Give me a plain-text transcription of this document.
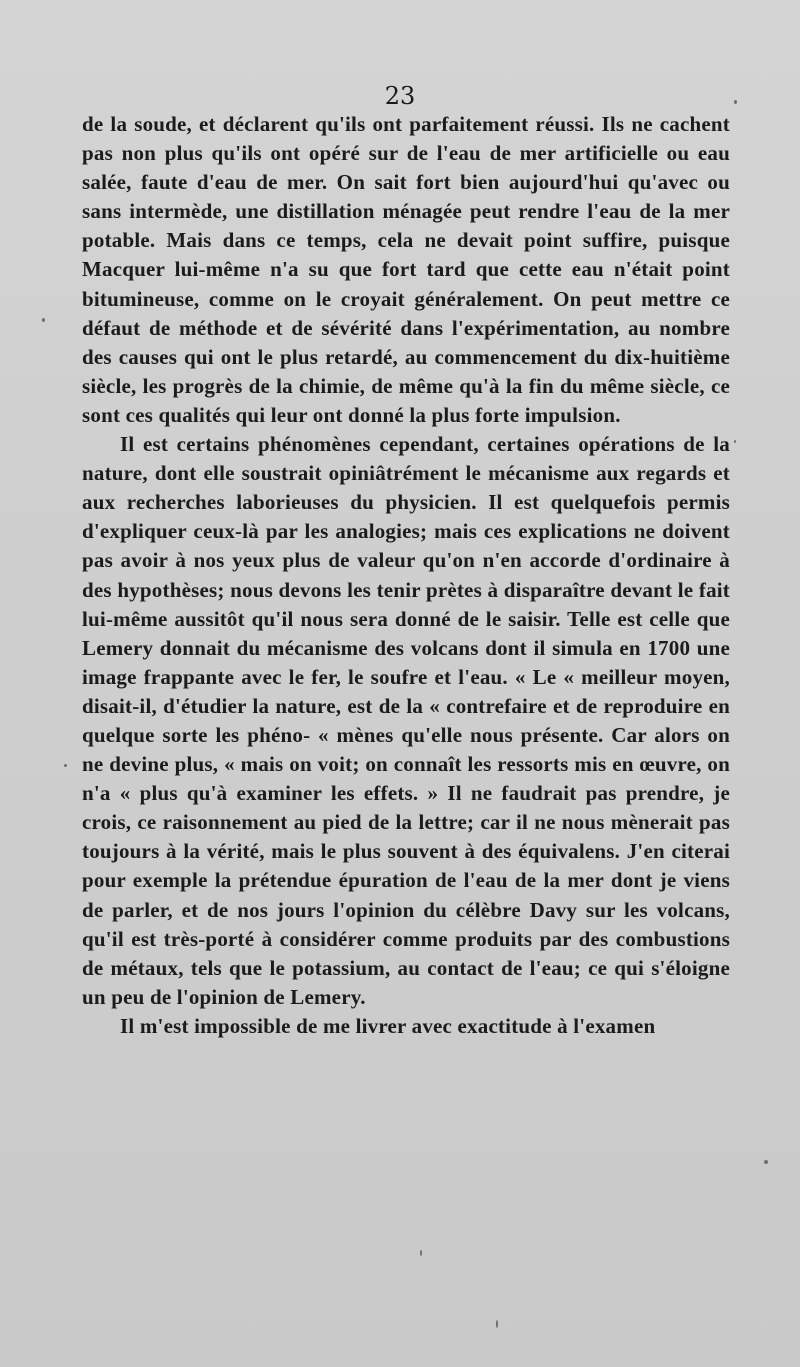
23

de la soude, et déclarent qu'ils ont parfaitement réussi. Ils ne cachent pas non plus qu'ils ont opéré sur de l'eau de mer artificielle ou eau salée, faute d'eau de mer. On sait fort bien aujourd'hui qu'avec ou sans intermède, une distillation ménagée peut rendre l'eau de la mer potable. Mais dans ce temps, cela ne devait point suffire, puisque Macquer lui-même n'a su que fort tard que cette eau n'était point bitumineuse, comme on le croyait généralement. On peut mettre ce défaut de méthode et de sévérité dans l'expérimentation, au nombre des causes qui ont le plus retardé, au commencement du dix-huitième siècle, les progrès de la chimie, de même qu'à la fin du même siècle, ce sont ces qualités qui leur ont donné la plus forte impulsion.

Il est certains phénomènes cependant, certaines opérations de la nature, dont elle soustrait opiniâtrément le mécanisme aux regards et aux recherches laborieuses du physicien. Il est quelquefois permis d'expliquer ceux-là par les analogies; mais ces explications ne doivent pas avoir à nos yeux plus de valeur qu'on n'en accorde d'ordinaire à des hypothèses; nous devons les tenir prètes à disparaître devant le fait lui-même aussitôt qu'il nous sera donné de le saisir. Telle est celle que Lemery donnait du mécanisme des volcans dont il simula en 1700 une image frappante avec le fer, le soufre et l'eau. « Le « meilleur moyen, disait-il, d'étudier la nature, est de la « contrefaire et de reproduire en quelque sorte les phéno- « mènes qu'elle nous présente. Car alors on ne devine plus, « mais on voit; on connaît les ressorts mis en œuvre, on n'a « plus qu'à examiner les effets. » Il ne faudrait pas prendre, je crois, ce raisonnement au pied de la lettre; car il ne nous mènerait pas toujours à la vérité, mais le plus souvent à des équivalens. J'en citerai pour exemple la prétendue épuration de l'eau de la mer dont je viens de parler, et de nos jours l'opinion du célèbre Davy sur les volcans, qu'il est très-porté à considérer comme produits par des combustions de métaux, tels que le potassium, au contact de l'eau; ce qui s'éloigne un peu de l'opinion de Lemery.

Il m'est impossible de me livrer avec exactitude à l'examen
